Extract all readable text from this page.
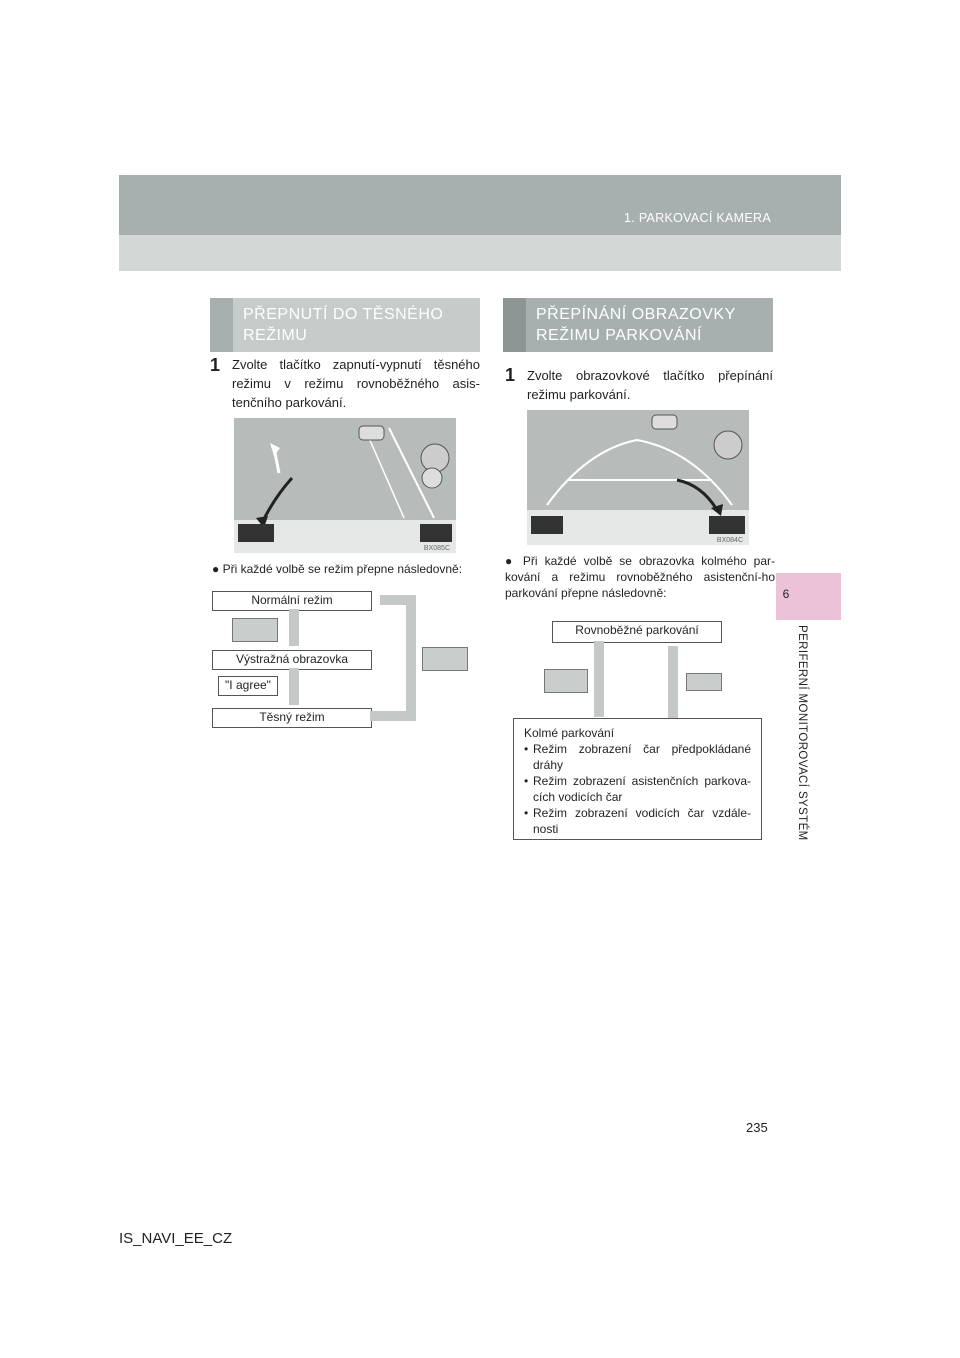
1. PARKOVACÍ KAMERA
6
PERIFERNÍ MONITOROVACÍ SYSTÉM
PŘEPNUTÍ DO TĚSNÉHO
REŽIMU
1 Zvolte tlačítko zapnutí-vypnutí těsného režimu v režimu rovnoběžného asis-tenčního parkování.
BX085C
● Při každé volbě se režim přepne následovně:
Normální režim
Výstražná obrazovka
"I agree"
Těsný režim
PŘEPÍNÁNÍ OBRAZOVKY
REŽIMU PARKOVÁNÍ
1 Zvolte obrazovkové tlačítko přepínání režimu parkování.
BX084C
● Při každé volbě se obrazovka kolmého par-kování a režimu rovnoběžného asistenční-ho parkování přepne následovně:
Rovnoběžné parkování
Kolmé parkování
• Režim zobrazení čar předpokládané dráhy
• Režim zobrazení asistenčních parkova-cích vodicích čar
• Režim zobrazení vodicích čar vzdále-nosti
235
IS_NAVI_EE_CZ
